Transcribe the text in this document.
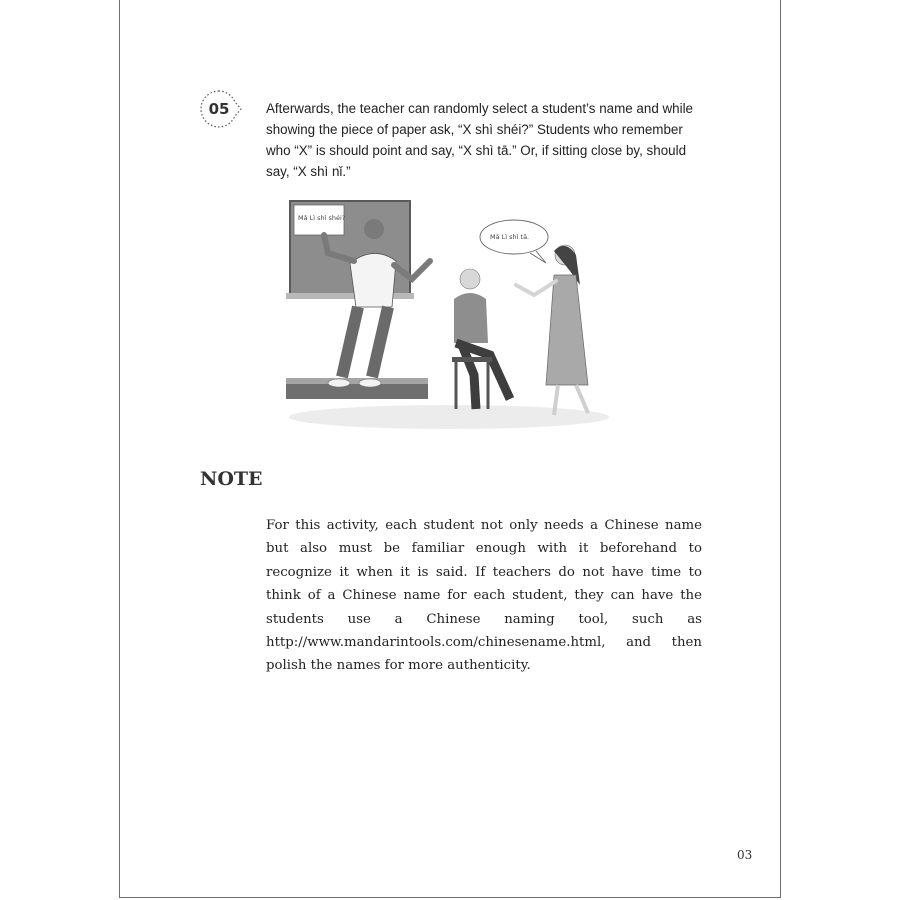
05	Afterwards, the teacher can randomly select a student’s name and while showing the piece of paper ask, “X shì shéi?” Students who remember who “X” is should point and say, “X shì tā.” Or, if sitting close by, should say, “X shì nǐ.”

Mǎ Lì shì shéi?
Mǎ Lì shì tā.
NOTE

For this activity, each student not only needs a Chinese name but also must be familiar enough with it beforehand to recognize it when it is said. If teachers do not have time to think of a Chinese name for each student, they can have the students use a Chinese naming tool, such as http://www.mandarintools.com/chinesename.html, and then polish the names for more authenticity.

03
